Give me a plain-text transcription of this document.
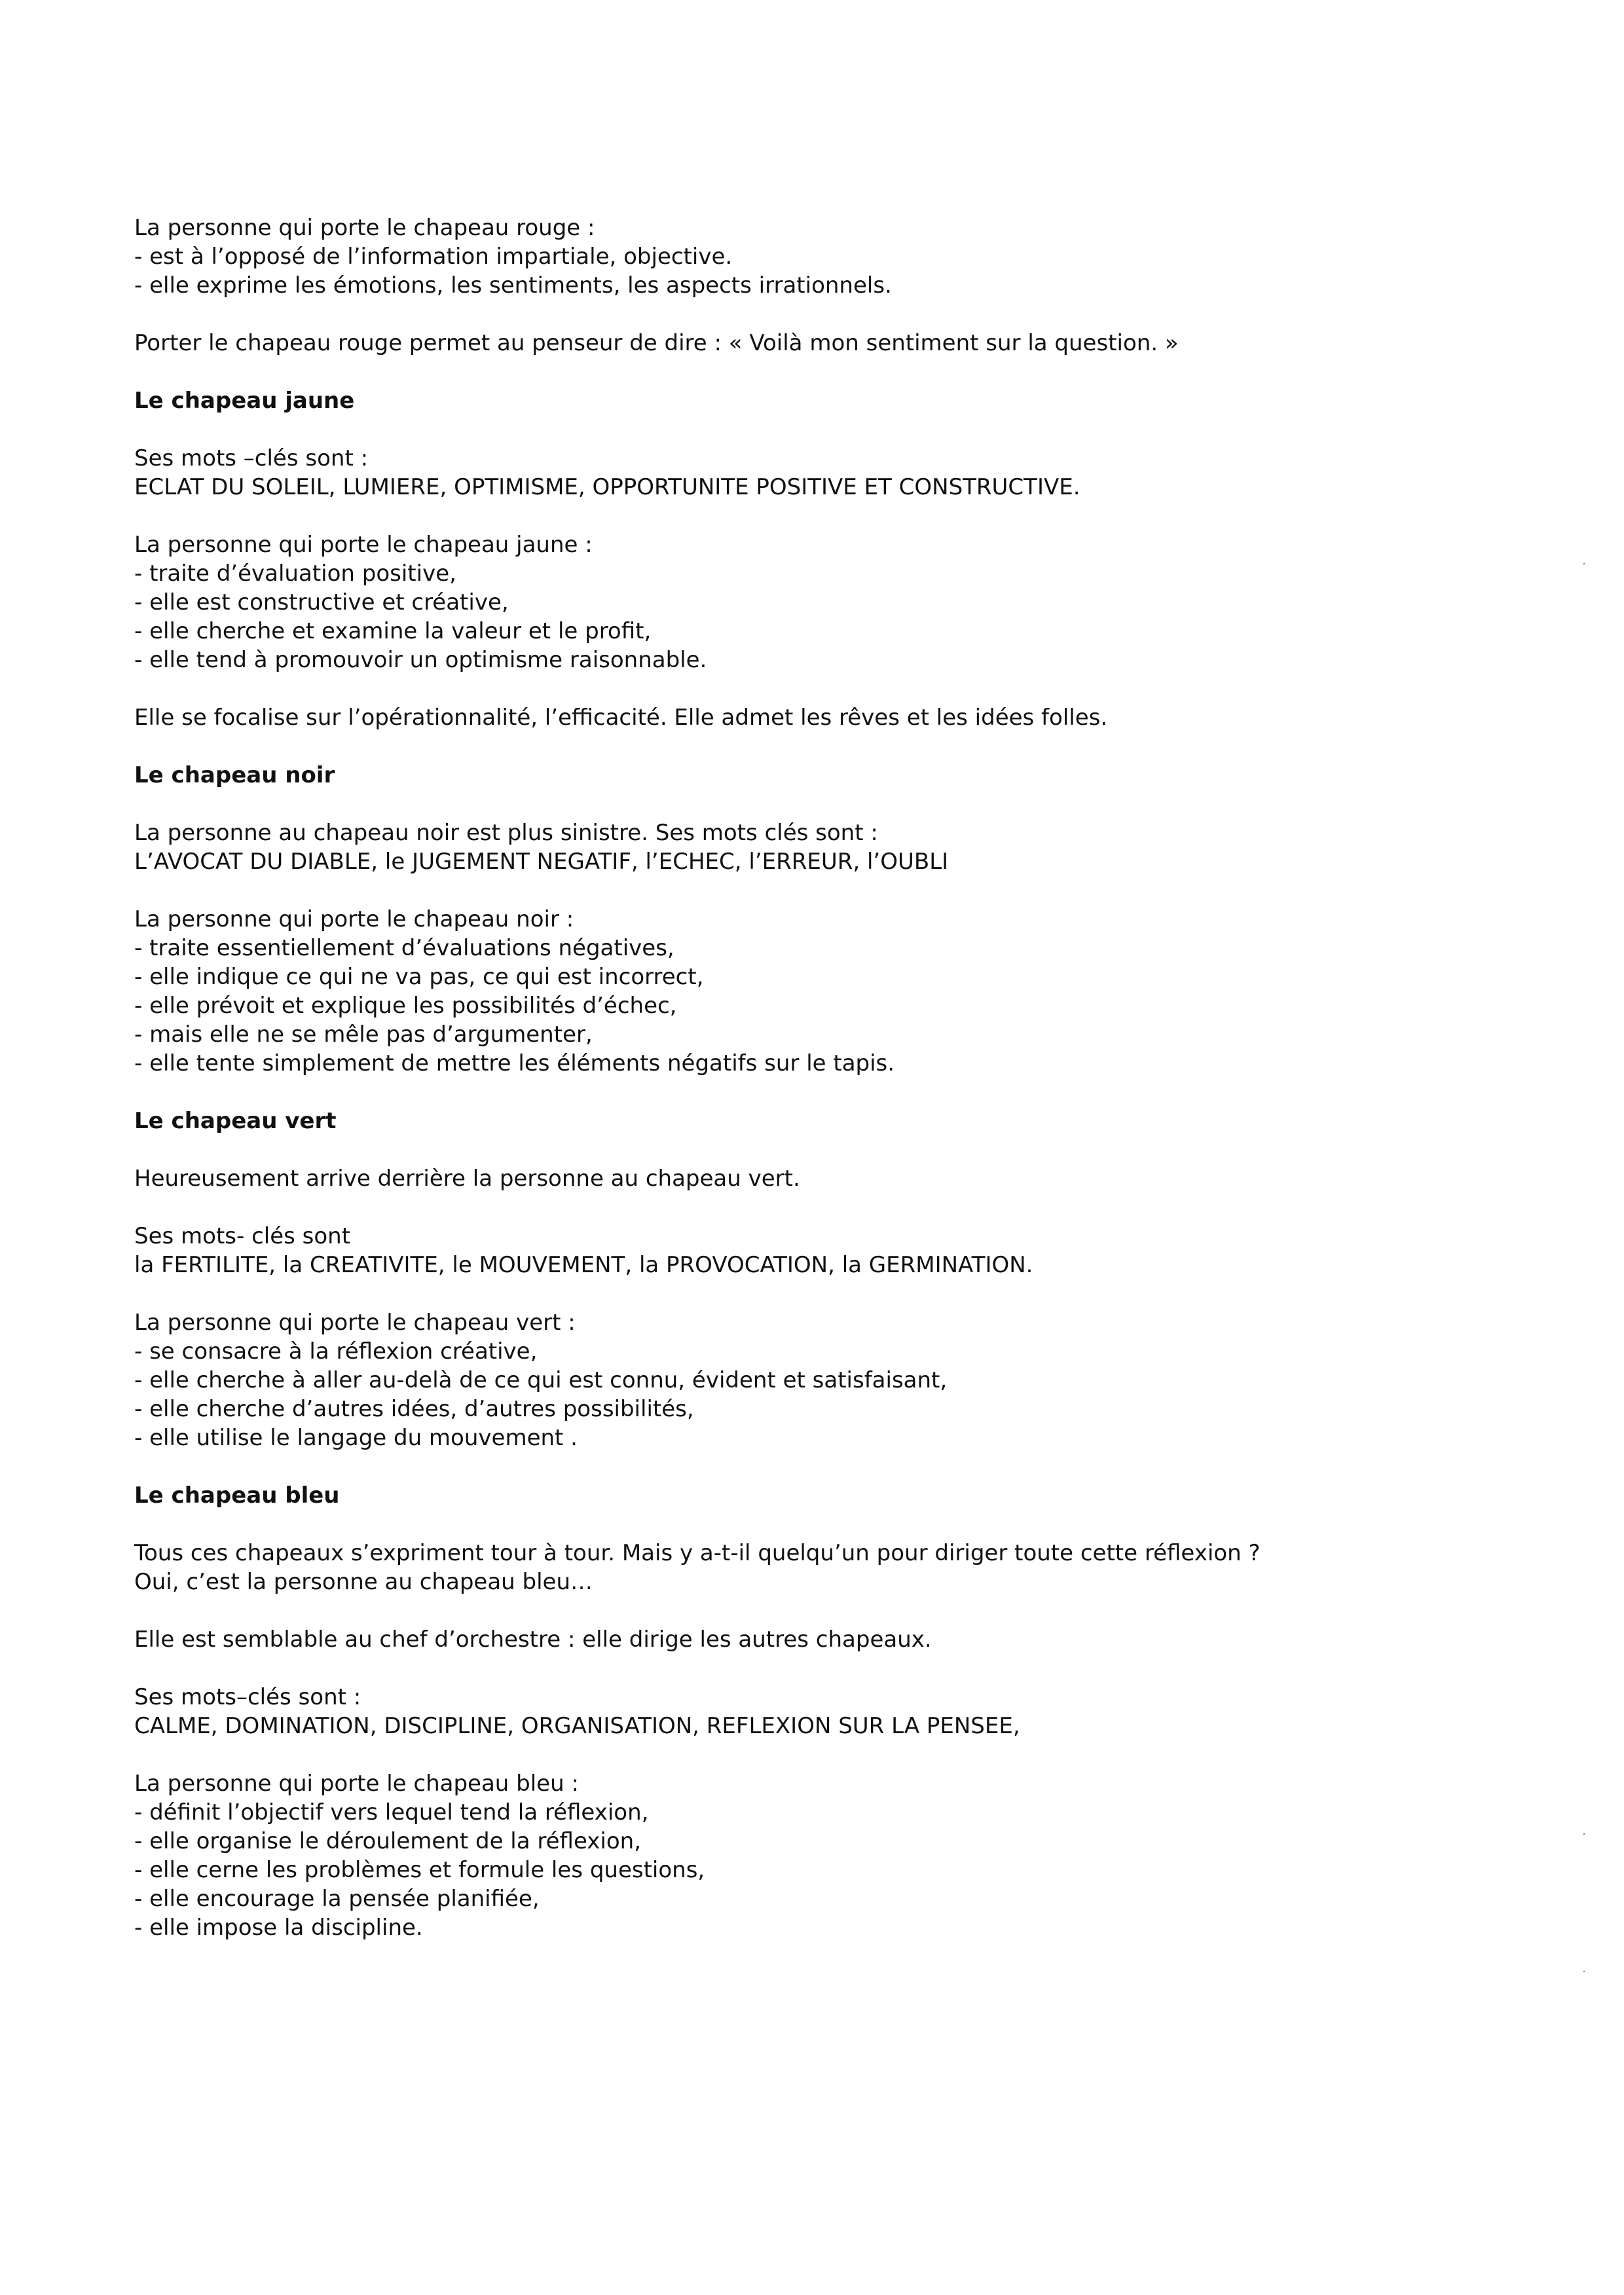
La personne qui porte le chapeau rouge :
- est à l’opposé de l’information impartiale, objective.
- elle exprime les émotions, les sentiments, les aspects irrationnels.
Porter le chapeau rouge permet au penseur de dire : « Voilà mon sentiment sur la question. »
Le chapeau jaune
Ses mots –clés sont :
ECLAT DU SOLEIL, LUMIERE, OPTIMISME, OPPORTUNITE POSITIVE ET CONSTRUCTIVE.
La personne qui porte le chapeau jaune :
- traite d’évaluation positive,
- elle est constructive et créative,
- elle cherche et examine la valeur et le profit,
- elle tend à promouvoir un optimisme raisonnable.
Elle se focalise sur l’opérationnalité, l’efficacité. Elle admet les rêves et les idées folles.
Le chapeau noir
La personne au chapeau noir est plus sinistre. Ses mots clés sont :
L’AVOCAT DU DIABLE, le JUGEMENT NEGATIF, l’ECHEC, l’ERREUR, l’OUBLI
La personne qui porte le chapeau noir :
- traite essentiellement d’évaluations négatives,
- elle indique ce qui ne va pas, ce qui est incorrect,
- elle prévoit et explique les possibilités d’échec,
- mais elle ne se mêle pas d’argumenter,
- elle tente simplement de mettre les éléments négatifs sur le tapis.
Le chapeau vert
Heureusement arrive derrière la personne au chapeau vert.
Ses mots- clés sont
la FERTILITE, la CREATIVITE, le MOUVEMENT, la PROVOCATION, la GERMINATION.
La personne qui porte le chapeau vert :
- se consacre à la réflexion créative,
- elle cherche à aller au-delà de ce qui est connu, évident et satisfaisant,
- elle cherche d’autres idées, d’autres possibilités,
- elle utilise le langage du mouvement .
Le chapeau bleu
Tous ces chapeaux s’expriment tour à tour. Mais y a-t-il quelqu’un pour diriger toute cette réflexion ?
Oui, c’est la personne au chapeau bleu…
Elle est semblable au chef d’orchestre : elle dirige les autres chapeaux.
Ses mots–clés sont :
CALME, DOMINATION, DISCIPLINE, ORGANISATION, REFLEXION SUR LA PENSEE,
La personne qui porte le chapeau bleu :
- définit l’objectif vers lequel tend la réflexion,
- elle organise le déroulement de la réflexion,
- elle cerne les problèmes et formule les questions,
- elle encourage la pensée planifiée,
- elle impose la discipline.
